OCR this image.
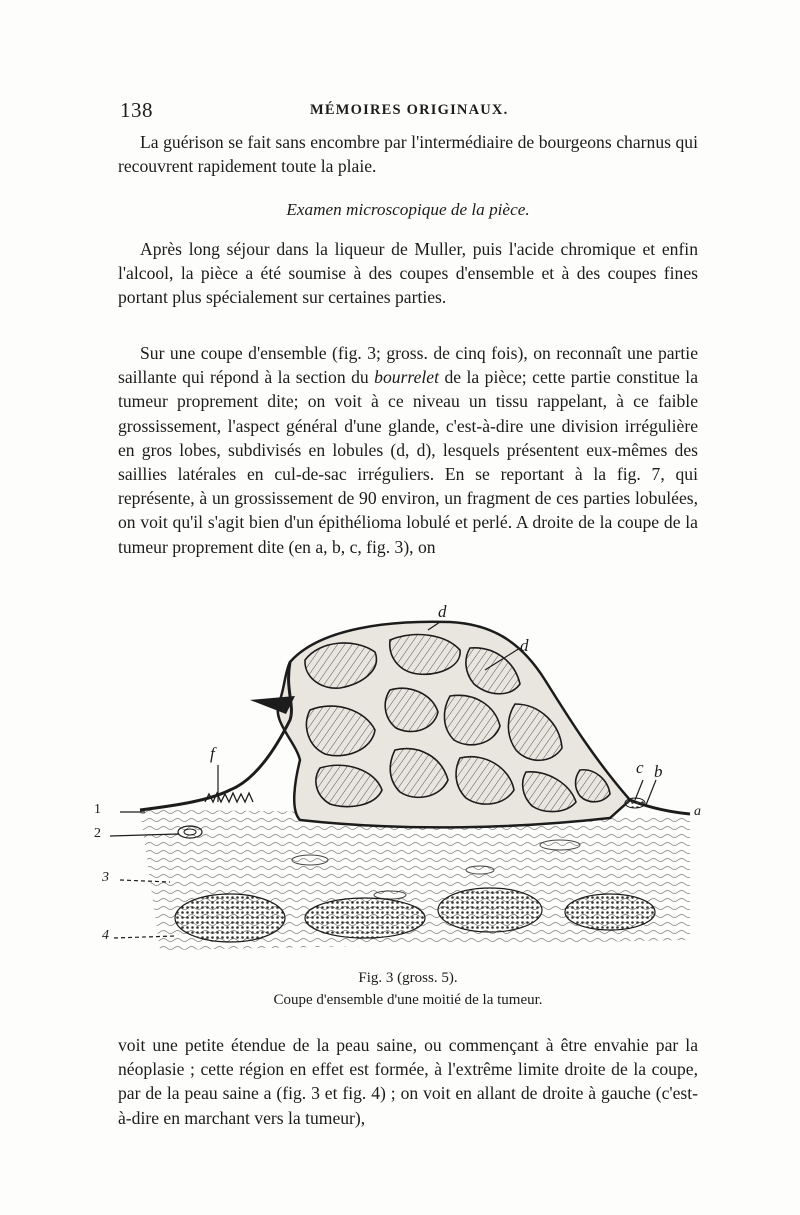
138	MÉMOIRES ORIGINAUX.

La guérison se fait sans encombre par l'intermédiaire de bourgeons charnus qui recouvrent rapidement toute la plaie.

Examen microscopique de la pièce.

Après long séjour dans la liqueur de Muller, puis l'acide chromique et enfin l'alcool, la pièce a été soumise à des coupes d'ensemble et à des coupes fines portant plus spécialement sur certaines parties.

Sur une coupe d'ensemble (fig. 3; gross. de cinq fois), on reconnaît une partie saillante qui répond à la section du bourrelet de la pièce; cette partie constitue la tumeur proprement dite; on voit à ce niveau un tissu rappelant, à ce faible grossissement, l'aspect général d'une glande, c'est-à-dire une division irrégulière en gros lobes, subdivisés en lobules (d, d), lesquels présentent eux-mêmes des saillies latérales en cul-de-sac irréguliers. En se reportant à la fig. 7, qui représente, à un grossissement de 90 environ, un fragment de ces parties lobulées, on voit qu'il s'agit bien d'un épithélioma lobulé et perlé. A droite de la coupe de la tumeur proprement dite (en a, b, c, fig. 3), on

d
d
f
c b
a
1
2
3
4
Fig. 3 (gross. 5).
Coupe d'ensemble d'une moitié de la tumeur.

voit une petite étendue de la peau saine, ou commençant à être envahie par la néoplasie ; cette région en effet est formée, à l'extrême limite droite de la coupe, par de la peau saine a (fig. 3 et fig. 4) ; on voit en allant de droite à gauche (c'est-à-dire en marchant vers la tumeur),
